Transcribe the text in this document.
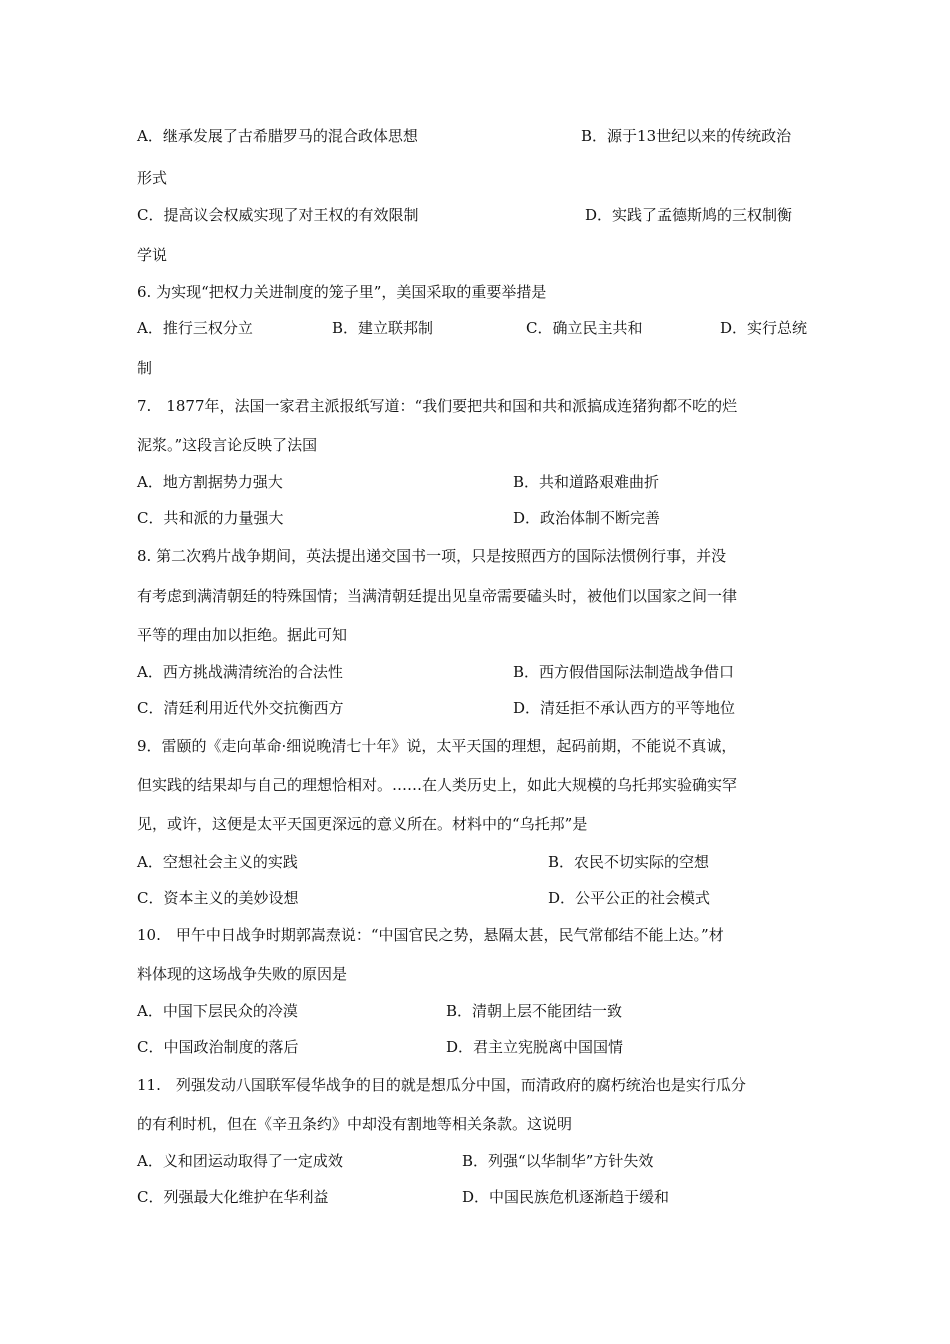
A．继承发展了古希腊罗马的混合政体思想	B．源于13世纪以来的传统政治
形式
C．提高议会权威实现了对王权的有效限制	D．实践了孟德斯鸠的三权制衡
学说
6. 为实现“把权力关进制度的笼子里”，美国采取的重要举措是
A．推行三权分立	B．建立联邦制	C．确立民主共和	D．实行总统
制
7.　1877年，法国一家君主派报纸写道：“我们要把共和国和共和派搞成连猪狗都不吃的烂
泥浆。”这段言论反映了法国
A．地方割据势力强大	B．共和道路艰难曲折
C．共和派的力量强大	D．政治体制不断完善
8. 第二次鸦片战争期间，英法提出递交国书一项，只是按照西方的国际法惯例行事，并没
有考虑到满清朝廷的特殊国情；当满清朝廷提出见皇帝需要磕头时，被他们以国家之间一律
平等的理由加以拒绝。据此可知
A．西方挑战满清统治的合法性	B．西方假借国际法制造战争借口
C．清廷利用近代外交抗衡西方	D．清廷拒不承认西方的平等地位
9．雷颐的《走向革命·细说晚清七十年》说，太平天国的理想，起码前期，不能说不真诚，
但实践的结果却与自己的理想恰相对。……在人类历史上，如此大规模的乌托邦实验确实罕
见，或许，这便是太平天国更深远的意义所在。材料中的“乌托邦”是
A．空想社会主义的实践	B．农民不切实际的空想
C．资本主义的美妙设想	D．公平公正的社会模式
10.　甲午中日战争时期郭嵩焘说：“中国官民之势，悬隔太甚，民气常郁结不能上达。”材
料体现的这场战争失败的原因是
A．中国下层民众的冷漠	B．清朝上层不能团结一致
C．中国政治制度的落后	D．君主立宪脱离中国国情
11.　列强发动八国联军侵华战争的目的就是想瓜分中国，而清政府的腐朽统治也是实行瓜分
的有利时机，但在《辛丑条约》中却没有割地等相关条款。这说明
A．义和团运动取得了一定成效	B．列强“以华制华”方针失效
C．列强最大化维护在华利益	D．中国民族危机逐渐趋于缓和
